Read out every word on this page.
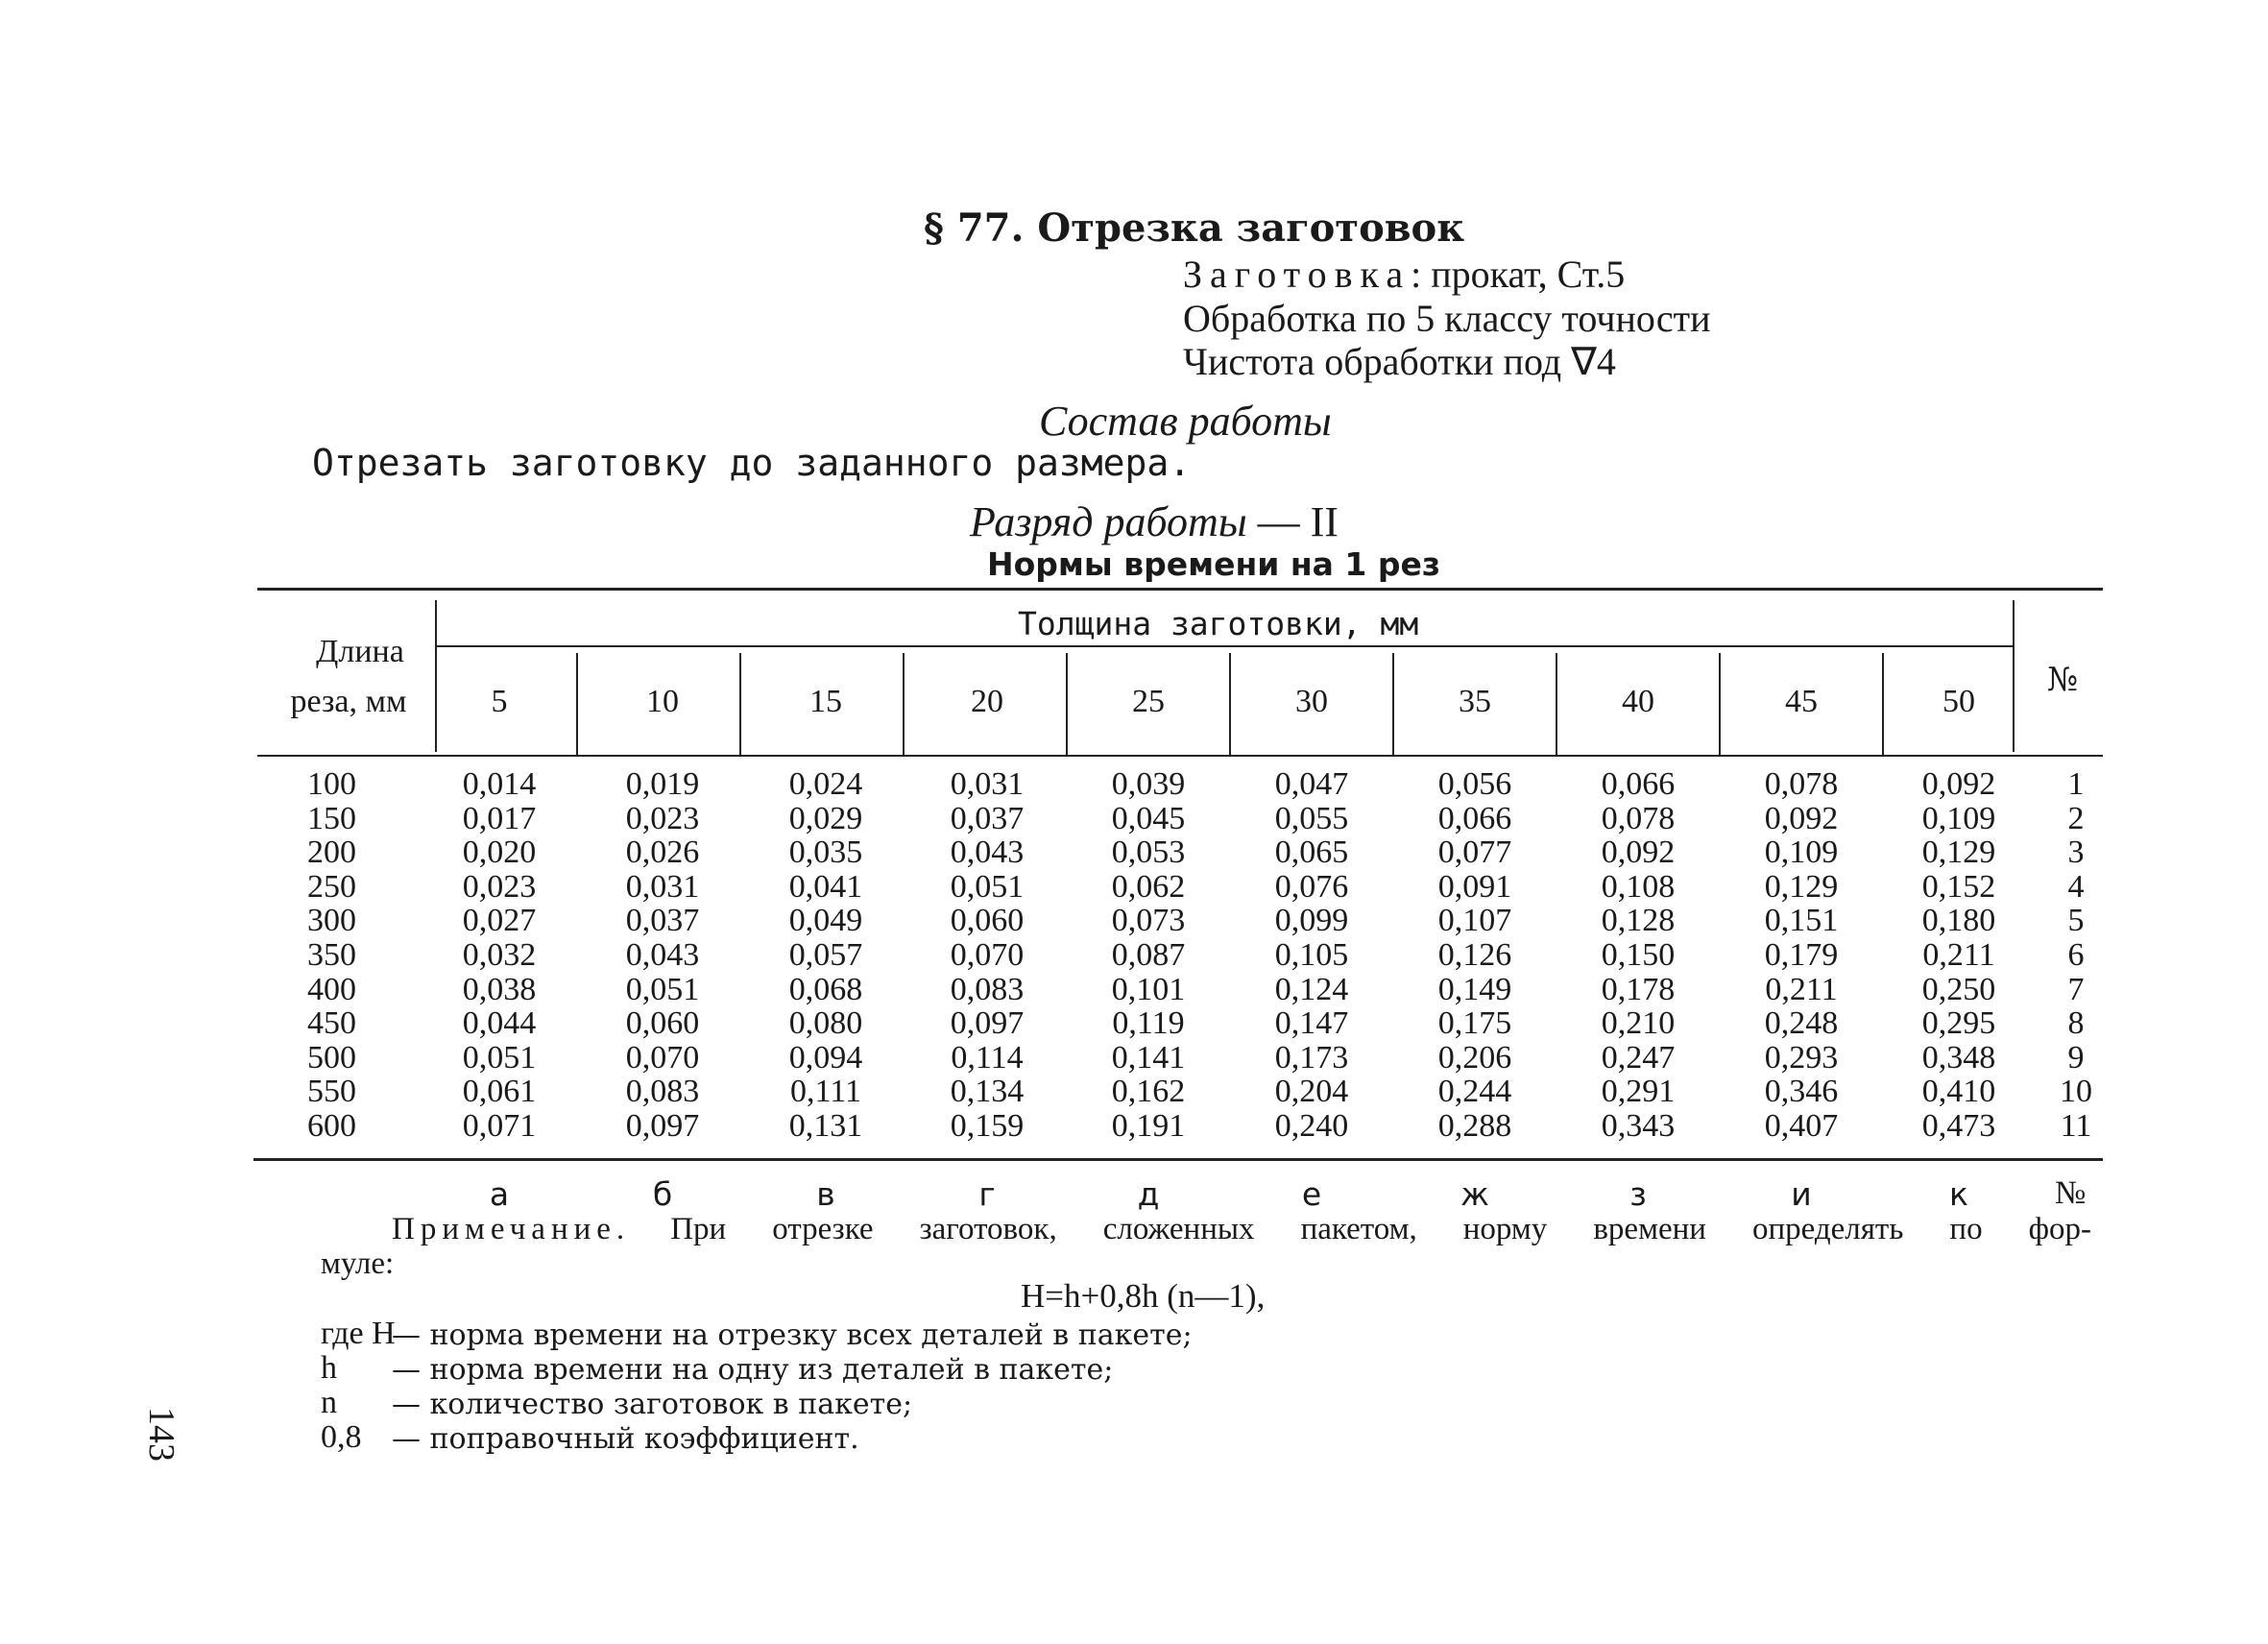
§ 77. Отрезка заготовок
Заготовка: прокат, Ст.5
Обработка по 5 классу точности
Чистота обработки под ∇4
Состав работы
Отрезать заготовку до заданного размера.
Разряд работы — II
Нормы времени на 1 рез
Длина
реза, мм
Толщина заготовки, мм
№
5	10	15	20	25	30	35	40	45	50
100	0,014	0,019	0,024	0,031	0,039	0,047	0,056	0,066	0,078	0,092	1
150	0,017	0,023	0,029	0,037	0,045	0,055	0,066	0,078	0,092	0,109	2
200	0,020	0,026	0,035	0,043	0,053	0,065	0,077	0,092	0,109	0,129	3
250	0,023	0,031	0,041	0,051	0,062	0,076	0,091	0,108	0,129	0,152	4
300	0,027	0,037	0,049	0,060	0,073	0,099	0,107	0,128	0,151	0,180	5
350	0,032	0,043	0,057	0,070	0,087	0,105	0,126	0,150	0,179	0,211	6
400	0,038	0,051	0,068	0,083	0,101	0,124	0,149	0,178	0,211	0,250	7
450	0,044	0,060	0,080	0,097	0,119	0,147	0,175	0,210	0,248	0,295	8
500	0,051	0,070	0,094	0,114	0,141	0,173	0,206	0,247	0,293	0,348	9
550	0,061	0,083	0,111	0,134	0,162	0,204	0,244	0,291	0,346	0,410	10
600	0,071	0,097	0,131	0,159	0,191	0,240	0,288	0,343	0,407	0,473	11
а	б	в	г	д	е	ж	з	и	к	№
Примечание. При отрезке заготовок, сложенных пакетом, норму времени определять по фор-
муле:
H=h+0,8h (n—1),
где H
— норма времени на отрезку всех деталей в пакете;
h — норма времени на одну из деталей в пакете;
n — количество заготовок в пакете;
0,8 — поправочный коэффициент.
143
